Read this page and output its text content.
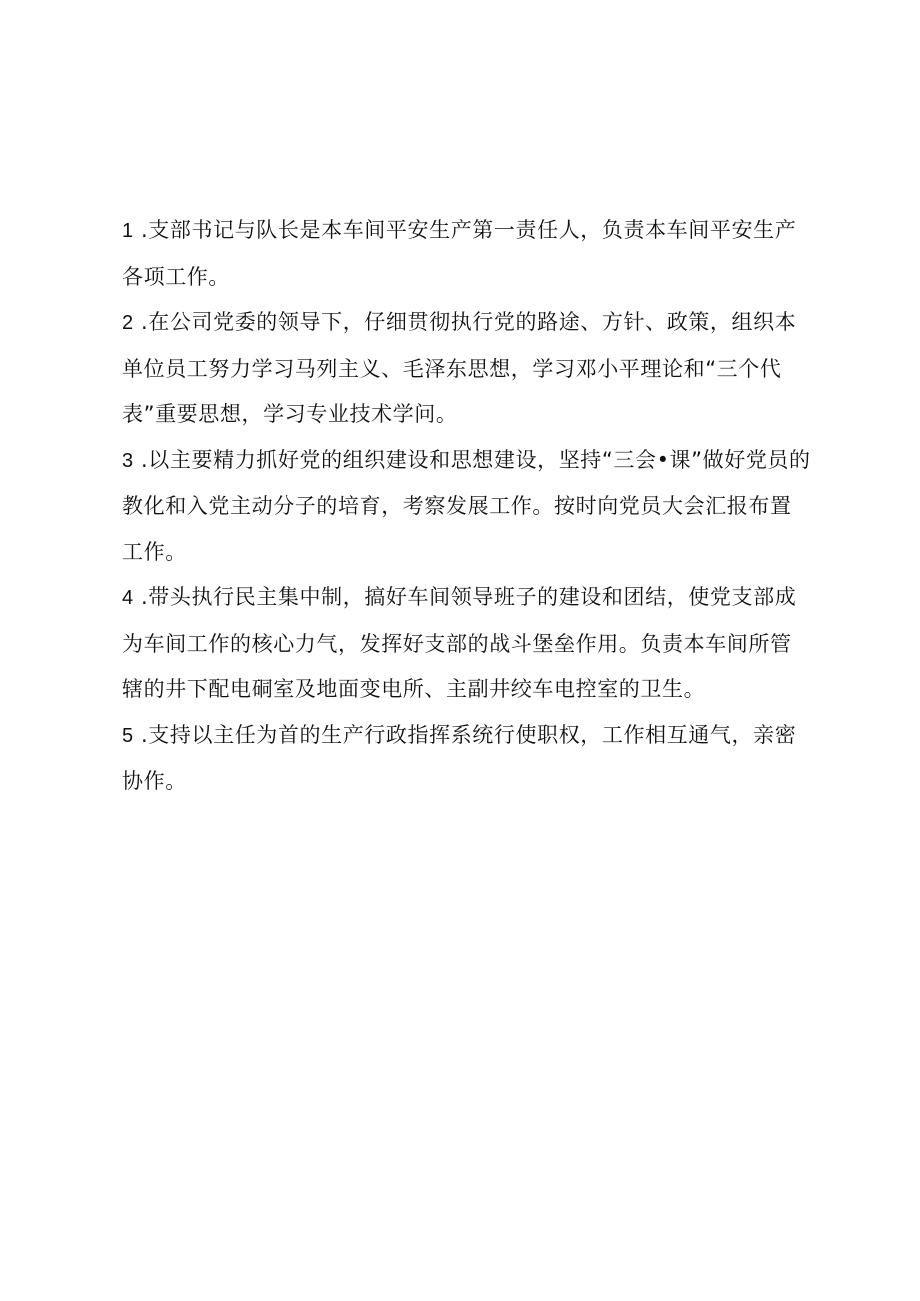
1 .支部书记与队长是本车间平安生产第一责任人，负责本车间平安生产各项工作。

2 .在公司党委的领导下，仔细贯彻执行党的路途、方针、政策，组织本单位员工努力学习马列主义、毛泽东思想，学习邓小平理论和“三个代表”重要思想，学习专业技术学问。

3 .以主要精力抓好党的组织建设和思想建设，坚持“三会•课”做好党员的教化和入党主动分子的培育，考察发展工作。按时向党员大会汇报布置工作。

4 .带头执行民主集中制，搞好车间领导班子的建设和团结，使党支部成为车间工作的核心力气，发挥好支部的战斗堡垒作用。负责本车间所管辖的井下配电硐室及地面变电所、主副井绞车电控室的卫生。

5 .支持以主任为首的生产行政指挥系统行使职权，工作相互通气，亲密协作。
